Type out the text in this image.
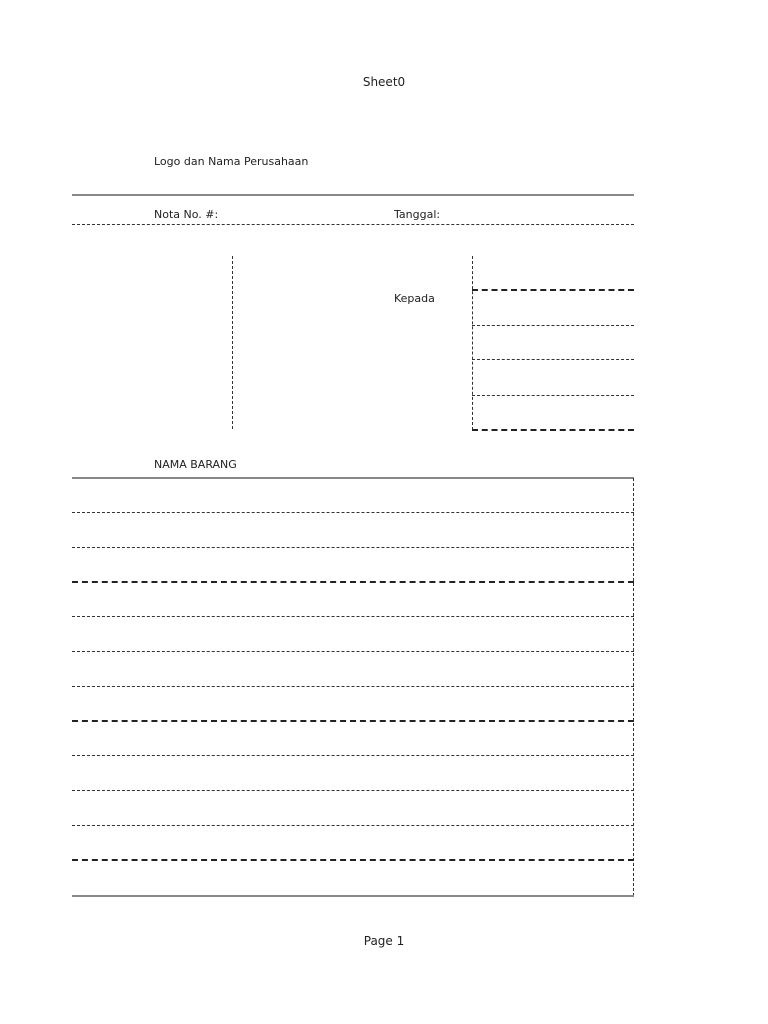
Sheet0
Logo dan Nama Perusahaan
Nota No. #:	Tanggal:
Kepada
NAMA BARANG
Page 1
